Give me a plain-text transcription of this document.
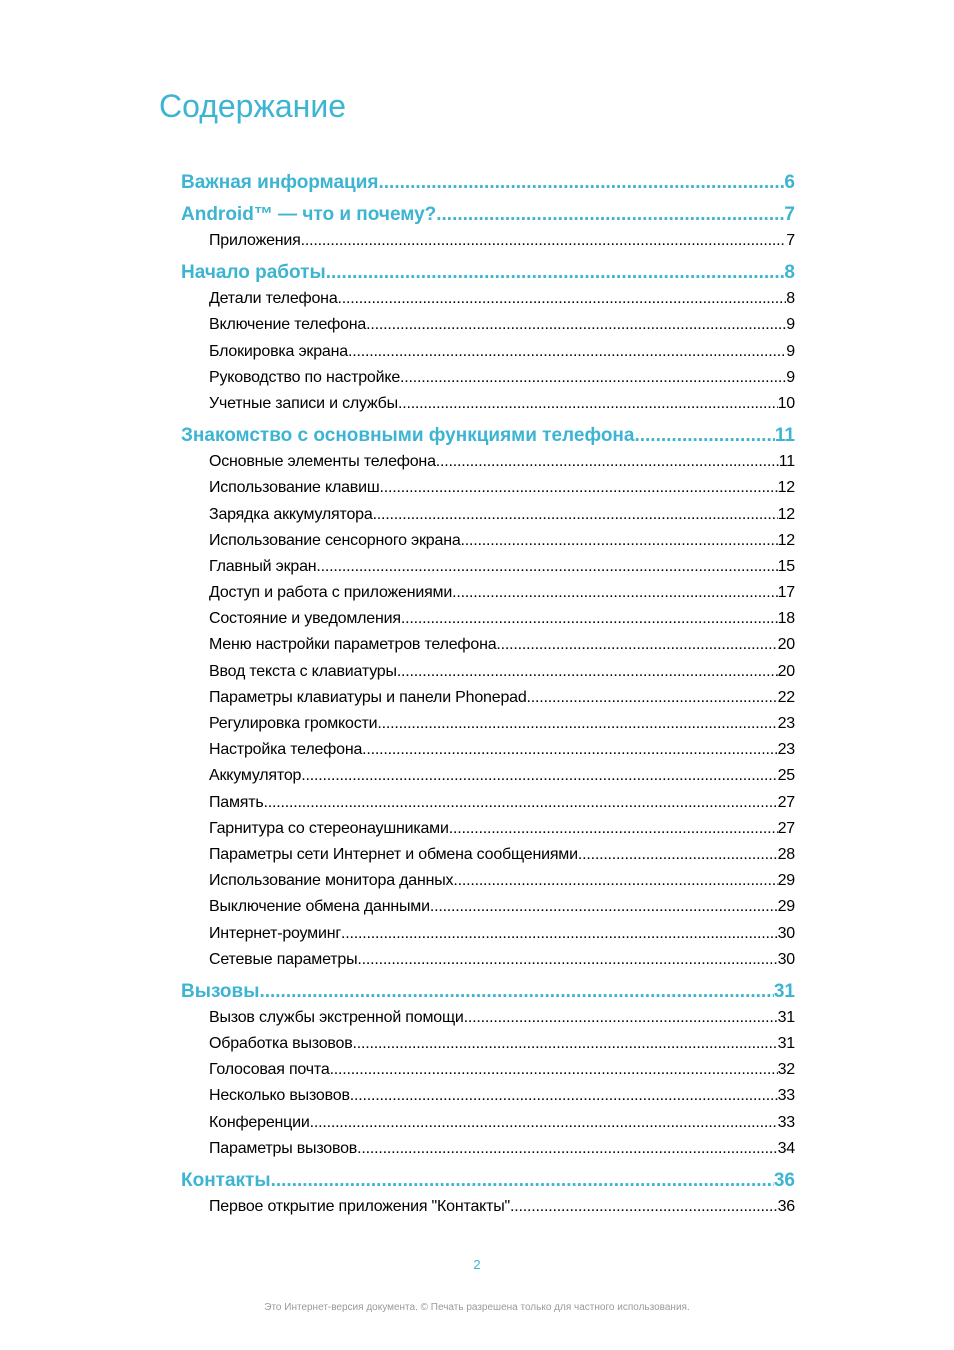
Содержание
Важная информация .....	6
Android™ — что и почему? .....	7
Приложения .....	7
Начало работы .....	8
Детали телефона .....	8
Включение телефона .....	9
Блокировка экрана .....	9
Руководство по настройке .....	9
Учетные записи и службы .....	10
Знакомство с основными функциями телефона .....	11
Основные элементы телефона .....	11
Использование клавиш .....	12
Зарядка аккумулятора .....	12
Использование сенсорного экрана .....	12
Главный экран .....	15
Доступ и работа с приложениями .....	17
Состояние и уведомления .....	18
Меню настройки параметров телефона .....	20
Ввод текста с клавиатуры .....	20
Параметры клавиатуры и панели Phonepad .....	22
Регулировка громкости .....	23
Настройка телефона .....	23
Аккумулятор .....	25
Память .....	27
Гарнитура со стереонаушниками .....	27
Параметры сети Интернет и обмена сообщениями .....	28
Использование монитора данных .....	29
Выключение обмена данными .....	29
Интернет-роуминг .....	30
Сетевые параметры .....	30
Вызовы .....	31
Вызов службы экстренной помощи .....	31
Обработка вызовов .....	31
Голосовая почта .....	32
Несколько вызовов .....	33
Конференции .....	33
Параметры вызовов .....	34
Контакты .....	36
Первое открытие приложения "Контакты" .....	36
2
Это Интернет-версия документа. © Печать разрешена только для частного использования.
